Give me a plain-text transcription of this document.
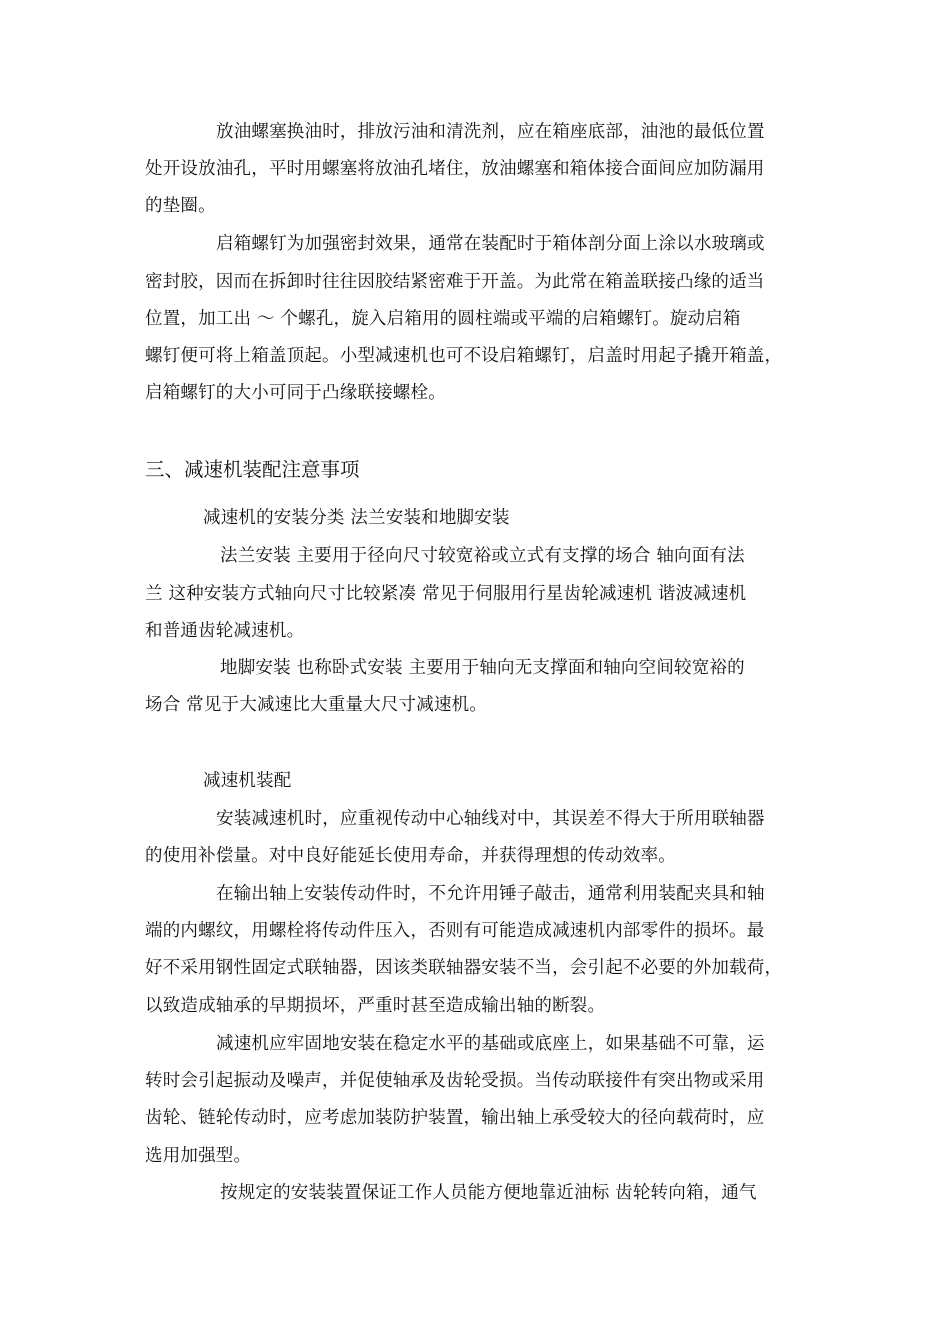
放油螺塞换油时，排放污油和清洗剂，应在箱座底部，油池的最低位置
处开设放油孔，平时用螺塞将放油孔堵住，放油螺塞和箱体接合面间应加防漏用
的垫圈。
启箱螺钉为加强密封效果，通常在装配时于箱体剖分面上涂以水玻璃或
密封胶，因而在拆卸时往往因胶结紧密难于开盖。为此常在箱盖联接凸缘的适当
位置，加工出 ～ 个螺孔，旋入启箱用的圆柱端或平端的启箱螺钉。旋动启箱
螺钉便可将上箱盖顶起。小型减速机也可不设启箱螺钉，启盖时用起子撬开箱盖，
启箱螺钉的大小可同于凸缘联接螺栓。
三、减速机装配注意事项
减速机的安装分类 法兰安装和地脚安装
法兰安装 主要用于径向尺寸较宽裕或立式有支撑的场合 轴向面有法
兰 这种安装方式轴向尺寸比较紧凑 常见于伺服用行星齿轮减速机 谐波减速机
和普通齿轮减速机。
地脚安装 也称卧式安装 主要用于轴向无支撑面和轴向空间较宽裕的
场合 常见于大减速比大重量大尺寸减速机。
减速机装配
安装减速机时，应重视传动中心轴线对中，其误差不得大于所用联轴器
的使用补偿量。对中良好能延长使用寿命，并获得理想的传动效率。
在输出轴上安装传动件时，不允许用锤子敲击，通常利用装配夹具和轴
端的内螺纹，用螺栓将传动件压入，否则有可能造成减速机内部零件的损坏。最
好不采用钢性固定式联轴器，因该类联轴器安装不当，会引起不必要的外加载荷，
以致造成轴承的早期损坏，严重时甚至造成输出轴的断裂。
减速机应牢固地安装在稳定水平的基础或底座上，如果基础不可靠，运
转时会引起振动及噪声，并促使轴承及齿轮受损。当传动联接件有突出物或采用
齿轮、链轮传动时，应考虑加装防护装置，输出轴上承受较大的径向载荷时，应
选用加强型。
按规定的安装装置保证工作人员能方便地靠近油标 齿轮转向箱，通气
